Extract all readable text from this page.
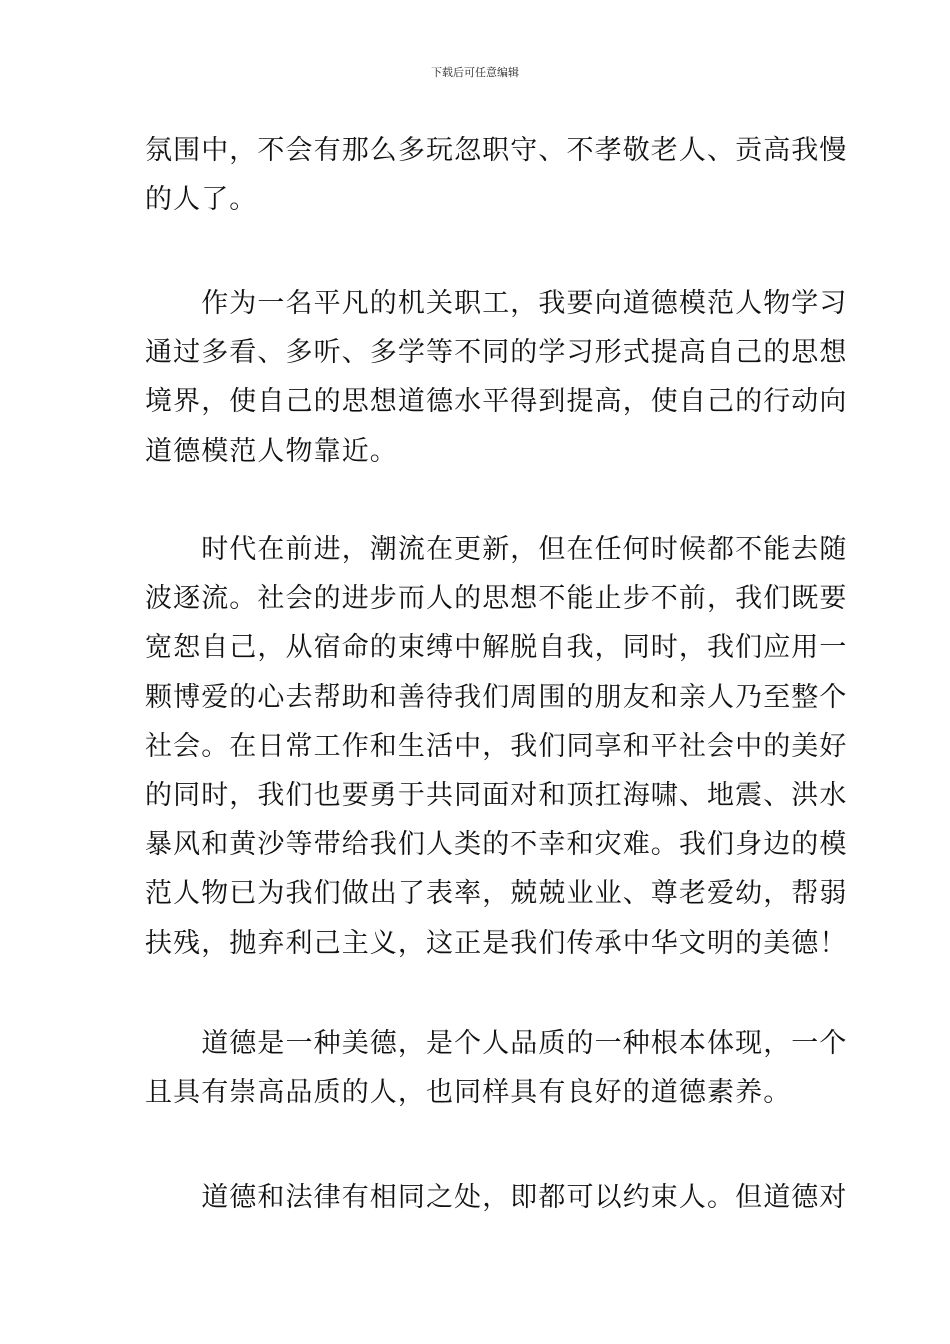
下载后可任意编辑
氛围中，不会有那么多玩忽职守、不孝敬老人、贡高我慢
的人了。
　　作为一名平凡的机关职工，我要向道德模范人物学习
通过多看、多听、多学等不同的学习形式提高自己的思想
境界，使自己的思想道德水平得到提高，使自己的行动向
道德模范人物靠近。
　　时代在前进，潮流在更新，但在任何时候都不能去随
波逐流。社会的进步而人的思想不能止步不前，我们既要
宽恕自己，从宿命的束缚中解脱自我，同时，我们应用一
颗博爱的心去帮助和善待我们周围的朋友和亲人乃至整个
社会。在日常工作和生活中，我们同享和平社会中的美好
的同时，我们也要勇于共同面对和顶扛海啸、地震、洪水
暴风和黄沙等带给我们人类的不幸和灾难。我们身边的模
范人物已为我们做出了表率，兢兢业业、尊老爱幼，帮弱
扶残，抛弃利己主义，这正是我们传承中华文明的美德！
　　道德是一种美德，是个人品质的一种根本体现，一个
且具有崇高品质的人，也同样具有良好的道德素养。
　　道德和法律有相同之处，即都可以约束人。但道德对
